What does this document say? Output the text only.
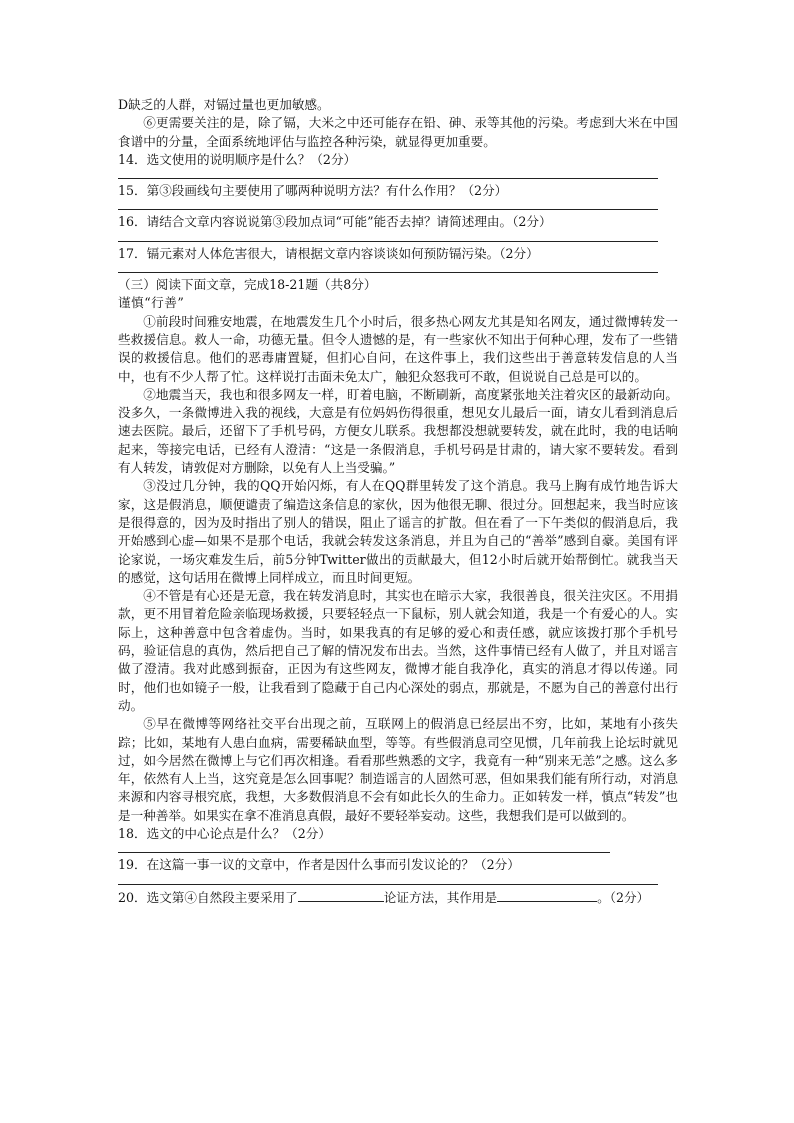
D缺乏的人群，对镉过量也更加敏感。

⑥更需要关注的是，除了镉，大米之中还可能存在铅、砷、汞等其他的污染。考虑到大米在中国食谱中的分量，全面系统地评估与监控各种污染，就显得更加重要。

14．选文使用的说明顺序是什么？（2分）

15．第③段画线句主要使用了哪两种说明方法？有什么作用？（2分）

16．请结合文章内容说说第③段加点词“可能”能否去掉？请简述理由。（2分）

17．镉元素对人体危害很大，请根据文章内容谈谈如何预防镉污染。（2分）

（三）阅读下面文章，完成18-21题（共8分）

谨慎“行善”

①前段时间雅安地震，在地震发生几个小时后，很多热心网友尤其是知名网友，通过微博转发一些救援信息。救人一命，功德无量。但令人遗憾的是，有一些家伙不知出于何种心理，发布了一些错误的救援信息。他们的恶毒庸置疑，但扪心自问，在这件事上，我们这些出于善意转发信息的人当中，也有不少人帮了忙。这样说打击面未免太广，触犯众怒我可不敢，但说说自己总是可以的。

②地震当天，我也和很多网友一样，盯着电脑，不断刷新，高度紧张地关注着灾区的最新动向。没多久，一条微博进入我的视线，大意是有位妈妈伤得很重，想见女儿最后一面，请女儿看到消息后速去医院。最后，还留下了手机号码，方便女儿联系。我想都没想就要转发，就在此时，我的电话响起来，等接完电话，已经有人澄清：“这是一条假消息，手机号码是甘肃的，请大家不要转发。看到有人转发，请敦促对方删除，以免有人上当受骗。”

③没过几分钟，我的QQ开始闪烁，有人在QQ群里转发了这个消息。我马上胸有成竹地告诉大家，这是假消息，顺便谴责了编造这条信息的家伙，因为他很无聊、很过分。回想起来，我当时应该是很得意的，因为及时指出了别人的错误，阻止了谣言的扩散。但在看了一下午类似的假消息后，我开始感到心虚—如果不是那个电话，我就会转发这条消息，并且为自己的“善举”感到自豪。美国有评论家说，一场灾难发生后，前5分钟Twitter做出的贡献最大，但12小时后就开始帮倒忙。就我当天的感觉，这句话用在微博上同样成立，而且时间更短。

④不管是有心还是无意，我在转发消息时，其实也在暗示大家，我很善良，很关注灾区。不用捐款，更不用冒着危险亲临现场救援，只要轻轻点一下鼠标，别人就会知道，我是一个有爱心的人。实际上，这种善意中包含着虚伪。当时，如果我真的有足够的爱心和责任感，就应该拨打那个手机号码，验证信息的真伪，然后把自己了解的情况发布出去。当然，这件事情已经有人做了，并且对谣言做了澄清。我对此感到振奋，正因为有这些网友，微博才能自我净化，真实的消息才得以传递。同时，他们也如镜子一般，让我看到了隐藏于自己内心深处的弱点，那就是，不愿为自己的善意付出行动。

⑤早在微博等网络社交平台出现之前，互联网上的假消息已经层出不穷，比如，某地有小孩失踪；比如，某地有人患白血病，需要稀缺血型，等等。有些假消息司空见惯，几年前我上论坛时就见过，如今居然在微博上与它们再次相逢。看看那些熟悉的文字，我竟有一种“别来无恙”之感。这么多年，依然有人上当，这究竟是怎么回事呢？制造谣言的人固然可恶，但如果我们能有所行动，对消息来源和内容寻根究底，我想，大多数假消息不会有如此长久的生命力。正如转发一样，慎点“转发”也是一种善举。如果实在拿不准消息真假，最好不要轻举妄动。这些，我想我们是可以做到的。

18．选文的中心论点是什么？（2分）

19．在这篇一事一议的文章中，作者是因什么事而引发议论的？（2分）

20．选文第④自然段主要采用了	论证方法，其作用是	。（2分）
